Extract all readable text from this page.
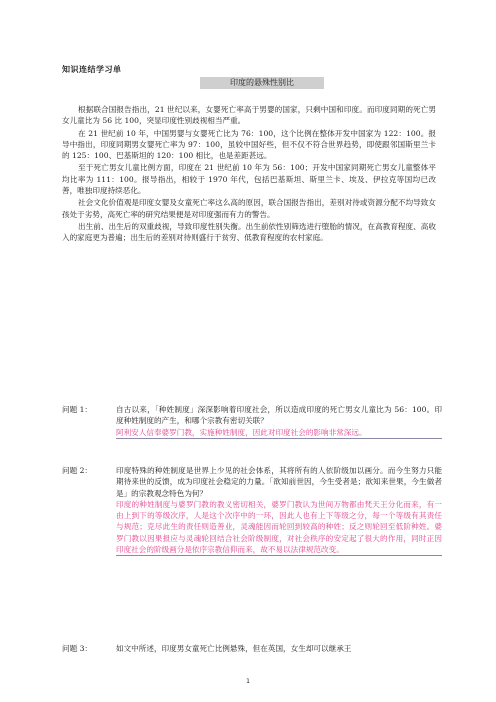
知识连结学习单
印度的悬殊性别比

根据联合国报告指出，21 世纪以来，女婴死亡率高于男婴的国家，只剩中国和印度。而印度同期的死亡男女儿童比为 56 比 100，突显印度性别歧视相当严重。

在 21 世纪前 10 年，中国男婴与女婴死亡比为 76：100，这个比例在整体开发中国家为 122：100。报导中指出，印度同期男女婴死亡率为 97：100，虽较中国好些，但不仅不符合世界趋势，即使跟邻国斯里兰卡的 125：100、巴基斯坦的 120：100 相比，也是差距甚远。

至于死亡男女儿童比例方面，印度在 21 世纪前 10 年为 56：100；开发中国家同期死亡男女儿童整体平均比率为 111：100。报导指出，相较于 1970 年代，包括巴基斯坦、斯里兰卡、埃及、伊拉克等国均已改善，唯独印度持续恶化。

社会文化价值观是印度女婴及女童死亡率这么高的原因，联合国报告指出，差别对待或资源分配不均导致女孩处于劣势，高死亡率的研究结果便是对印度强而有力的警告。

出生前、出生后的双重歧视，导致印度性别失衡。出生前依性别筛选进行堕胎的情况，在高教育程度、高收入的家庭更为普遍；出生后的差别对待则盛行于贫穷、低教育程度的农村家庭。

问题 1：	自古以来，「种姓制度」深深影响着印度社会，所以造成印度的死亡男女儿童比为 56：100。印度种姓制度的产生，和哪个宗教有密切关联？

阿利安人信奉婆罗门教，实施种姓制度，因此对印度社会的影响非常深远。

问题 2：	印度特殊的种姓制度是世界上少见的社会体系，其将所有的人依阶级加以画分。而今生努力只能期待来世的反馈，成为印度社会稳定的力量。「欲知前世因，今生受者是；欲知来世果，今生做者是」的宗教观念特色为何？

印度的种姓制度与婆罗门教的教义密切相关，婆罗门教认为世间万物都由梵天王分化而来，有一由上到下的等级次序，人是这个次序中的一环，因此人也有上下等级之分，每一个等级有其责任与规范；克尽此生的责任则造善业，灵魂能因而轮回到较高的种姓；反之则轮回至低阶种姓。婆罗门教以因果报应与灵魂轮回结合社会阶级制度，对社会秩序的安定起了很大的作用，同时正因印度社会的阶级画分是依序宗教信仰而来，故不易以法律规范改变。

问题 3：	如文中所述，印度男女童死亡比例悬殊，但在英国，女生却可以继承王

1
